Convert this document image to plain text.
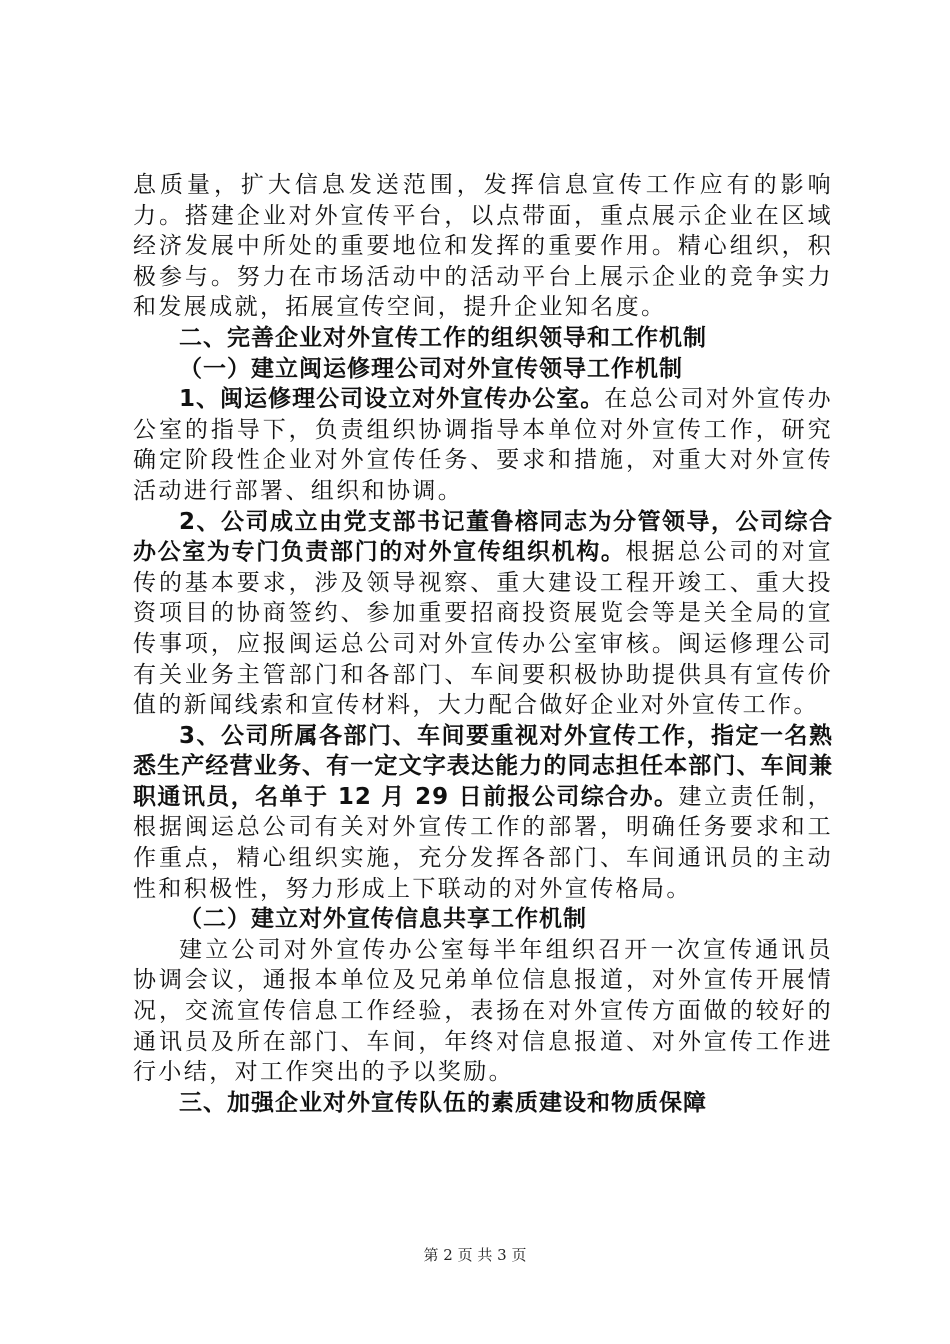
息质量，扩大信息发送范围，发挥信息宣传工作应有的影响力。搭建企业对外宣传平台，以点带面，重点展示企业在区域经济发展中所处的重要地位和发挥的重要作用。精心组织，积极参与。努力在市场活动中的活动平台上展示企业的竞争实力和发展成就，拓展宣传空间，提升企业知名度。

二、完善企业对外宣传工作的组织领导和工作机制

（一）建立闽运修理公司对外宣传领导工作机制

1、闽运修理公司设立对外宣传办公室。在总公司对外宣传办公室的指导下，负责组织协调指导本单位对外宣传工作，研究确定阶段性企业对外宣传任务、要求和措施，对重大对外宣传活动进行部署、组织和协调。

2、公司成立由党支部书记董鲁榕同志为分管领导，公司综合办公室为专门负责部门的对外宣传组织机构。根据总公司的对宣传的基本要求，涉及领导视察、重大建设工程开竣工、重大投资项目的协商签约、参加重要招商投资展览会等是关全局的宣传事项，应报闽运总公司对外宣传办公室审核。闽运修理公司有关业务主管部门和各部门、车间要积极协助提供具有宣传价值的新闻线索和宣传材料，大力配合做好企业对外宣传工作。

3、公司所属各部门、车间要重视对外宣传工作，指定一名熟悉生产经营业务、有一定文字表达能力的同志担任本部门、车间兼职通讯员，名单于 12 月 29 日前报公司综合办。建立责任制，根据闽运总公司有关对外宣传工作的部署，明确任务要求和工作重点，精心组织实施，充分发挥各部门、车间通讯员的主动性和积极性，努力形成上下联动的对外宣传格局。

（二）建立对外宣传信息共享工作机制

建立公司对外宣传办公室每半年组织召开一次宣传通讯员协调会议，通报本单位及兄弟单位信息报道，对外宣传开展情况，交流宣传信息工作经验，表扬在对外宣传方面做的较好的通讯员及所在部门、车间，年终对信息报道、对外宣传工作进行小结，对工作突出的予以奖励。

三、加强企业对外宣传队伍的素质建设和物质保障

第 2 页 共 3 页
